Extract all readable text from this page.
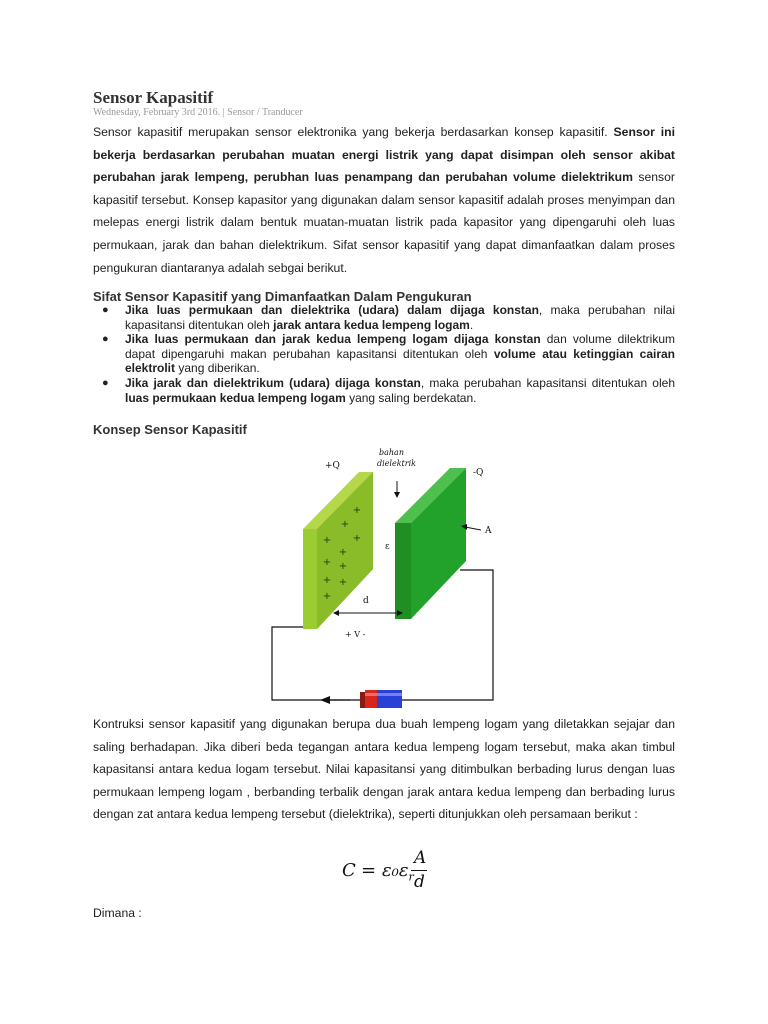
Sensor Kapasitif
Wednesday, February 3rd 2016. | Sensor / Tranducer
Sensor kapasitif merupakan sensor elektronika yang bekerja berdasarkan konsep kapasitif. Sensor ini bekerja berdasarkan perubahan muatan energi listrik yang dapat disimpan oleh sensor akibat perubahan jarak lempeng, perubhan luas penampang dan perubahan volume dielektrikum sensor kapasitif tersebut. Konsep kapasitor yang digunakan dalam sensor kapasitif adalah proses menyimpan dan melepas energi listrik dalam bentuk muatan-muatan listrik pada kapasitor yang dipengaruhi oleh luas permukaan, jarak dan bahan dielektrikum. Sifat sensor kapasitif yang dapat dimanfaatkan dalam proses pengukuran diantaranya adalah sebgai berikut.
Sifat Sensor Kapasitif yang Dimanfaatkan Dalam Pengukuran
● Jika luas permukaan dan dielektrika (udara) dalam dijaga konstan, maka perubahan nilai kapasitansi ditentukan oleh jarak antara kedua lempeng logam.
● Jika luas permukaan dan jarak kedua lempeng logam dijaga konstan dan volume dilektrikum dapat dipengaruhi makan perubahan kapasitansi ditentukan oleh volume atau ketinggian cairan elektrolit yang diberikan.
● Jika jarak dan dielektrikum (udara) dijaga konstan, maka perubahan kapasitansi ditentukan oleh luas permukaan kedua lempeng logam yang saling berdekatan.
Konsep Sensor Kapasitif
+
+
+
+
+
+ +
+ +
+
+Q
-Q
bahan
dielektrik
ε
A
d
+ V -
Kontruksi sensor kapasitif yang digunakan berupa dua buah lempeng logam yang diletakkan sejajar dan saling berhadapan. Jika diberi beda tegangan antara kedua lempeng logam tersebut, maka akan timbul kapasitansi antara kedua logam tersebut. Nilai kapasitansi yang ditimbulkan berbading lurus dengan luas permukaan lempeng logam , berbanding terbalik dengan jarak antara kedua lempeng dan berbading lurus dengan zat antara kedua lempeng tersebut (dielektrika), seperti ditunjukkan oleh persamaan berikut :
$C = \varepsilon_0\varepsilon_r$
A
d
Dimana :
